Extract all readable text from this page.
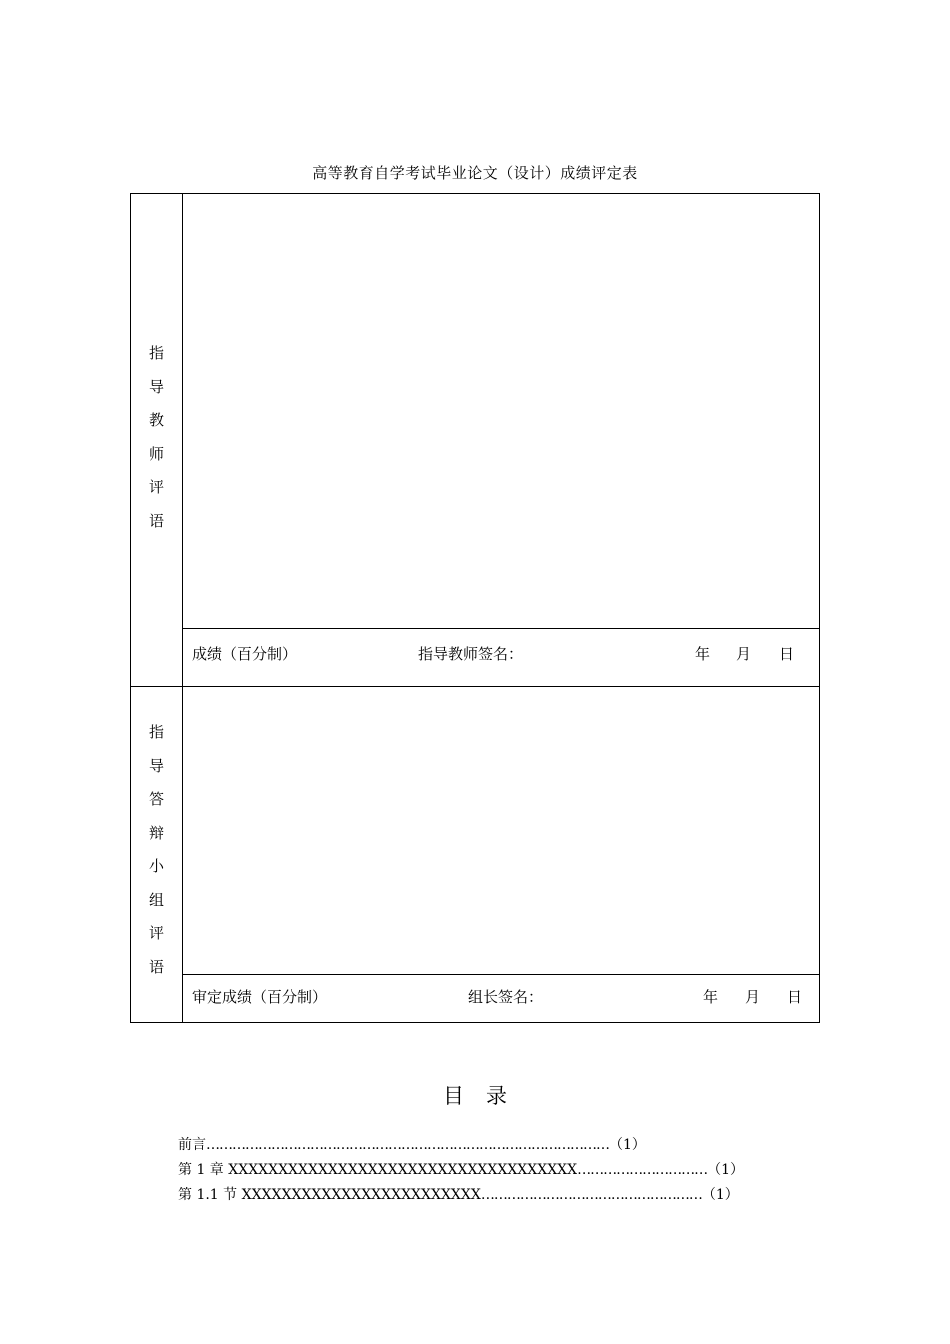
高等教育自学考试毕业论文（设计）成绩评定表
指
导
教
师
评
语
成绩（百分制）	指导教师签名：	年 月 日
指
导
答
辩
小
组
评
语
审定成绩（百分制）	组长签名：	年 月 日
目录
前言…………………………………………………………………………………（1）
第 1 章 XXXXXXXXXXXXXXXXXXXXXXXXXXXXXXXXXXX…………………………（1）
第 1.1 节 XXXXXXXXXXXXXXXXXXXXXXXX……………………………………………（1）
